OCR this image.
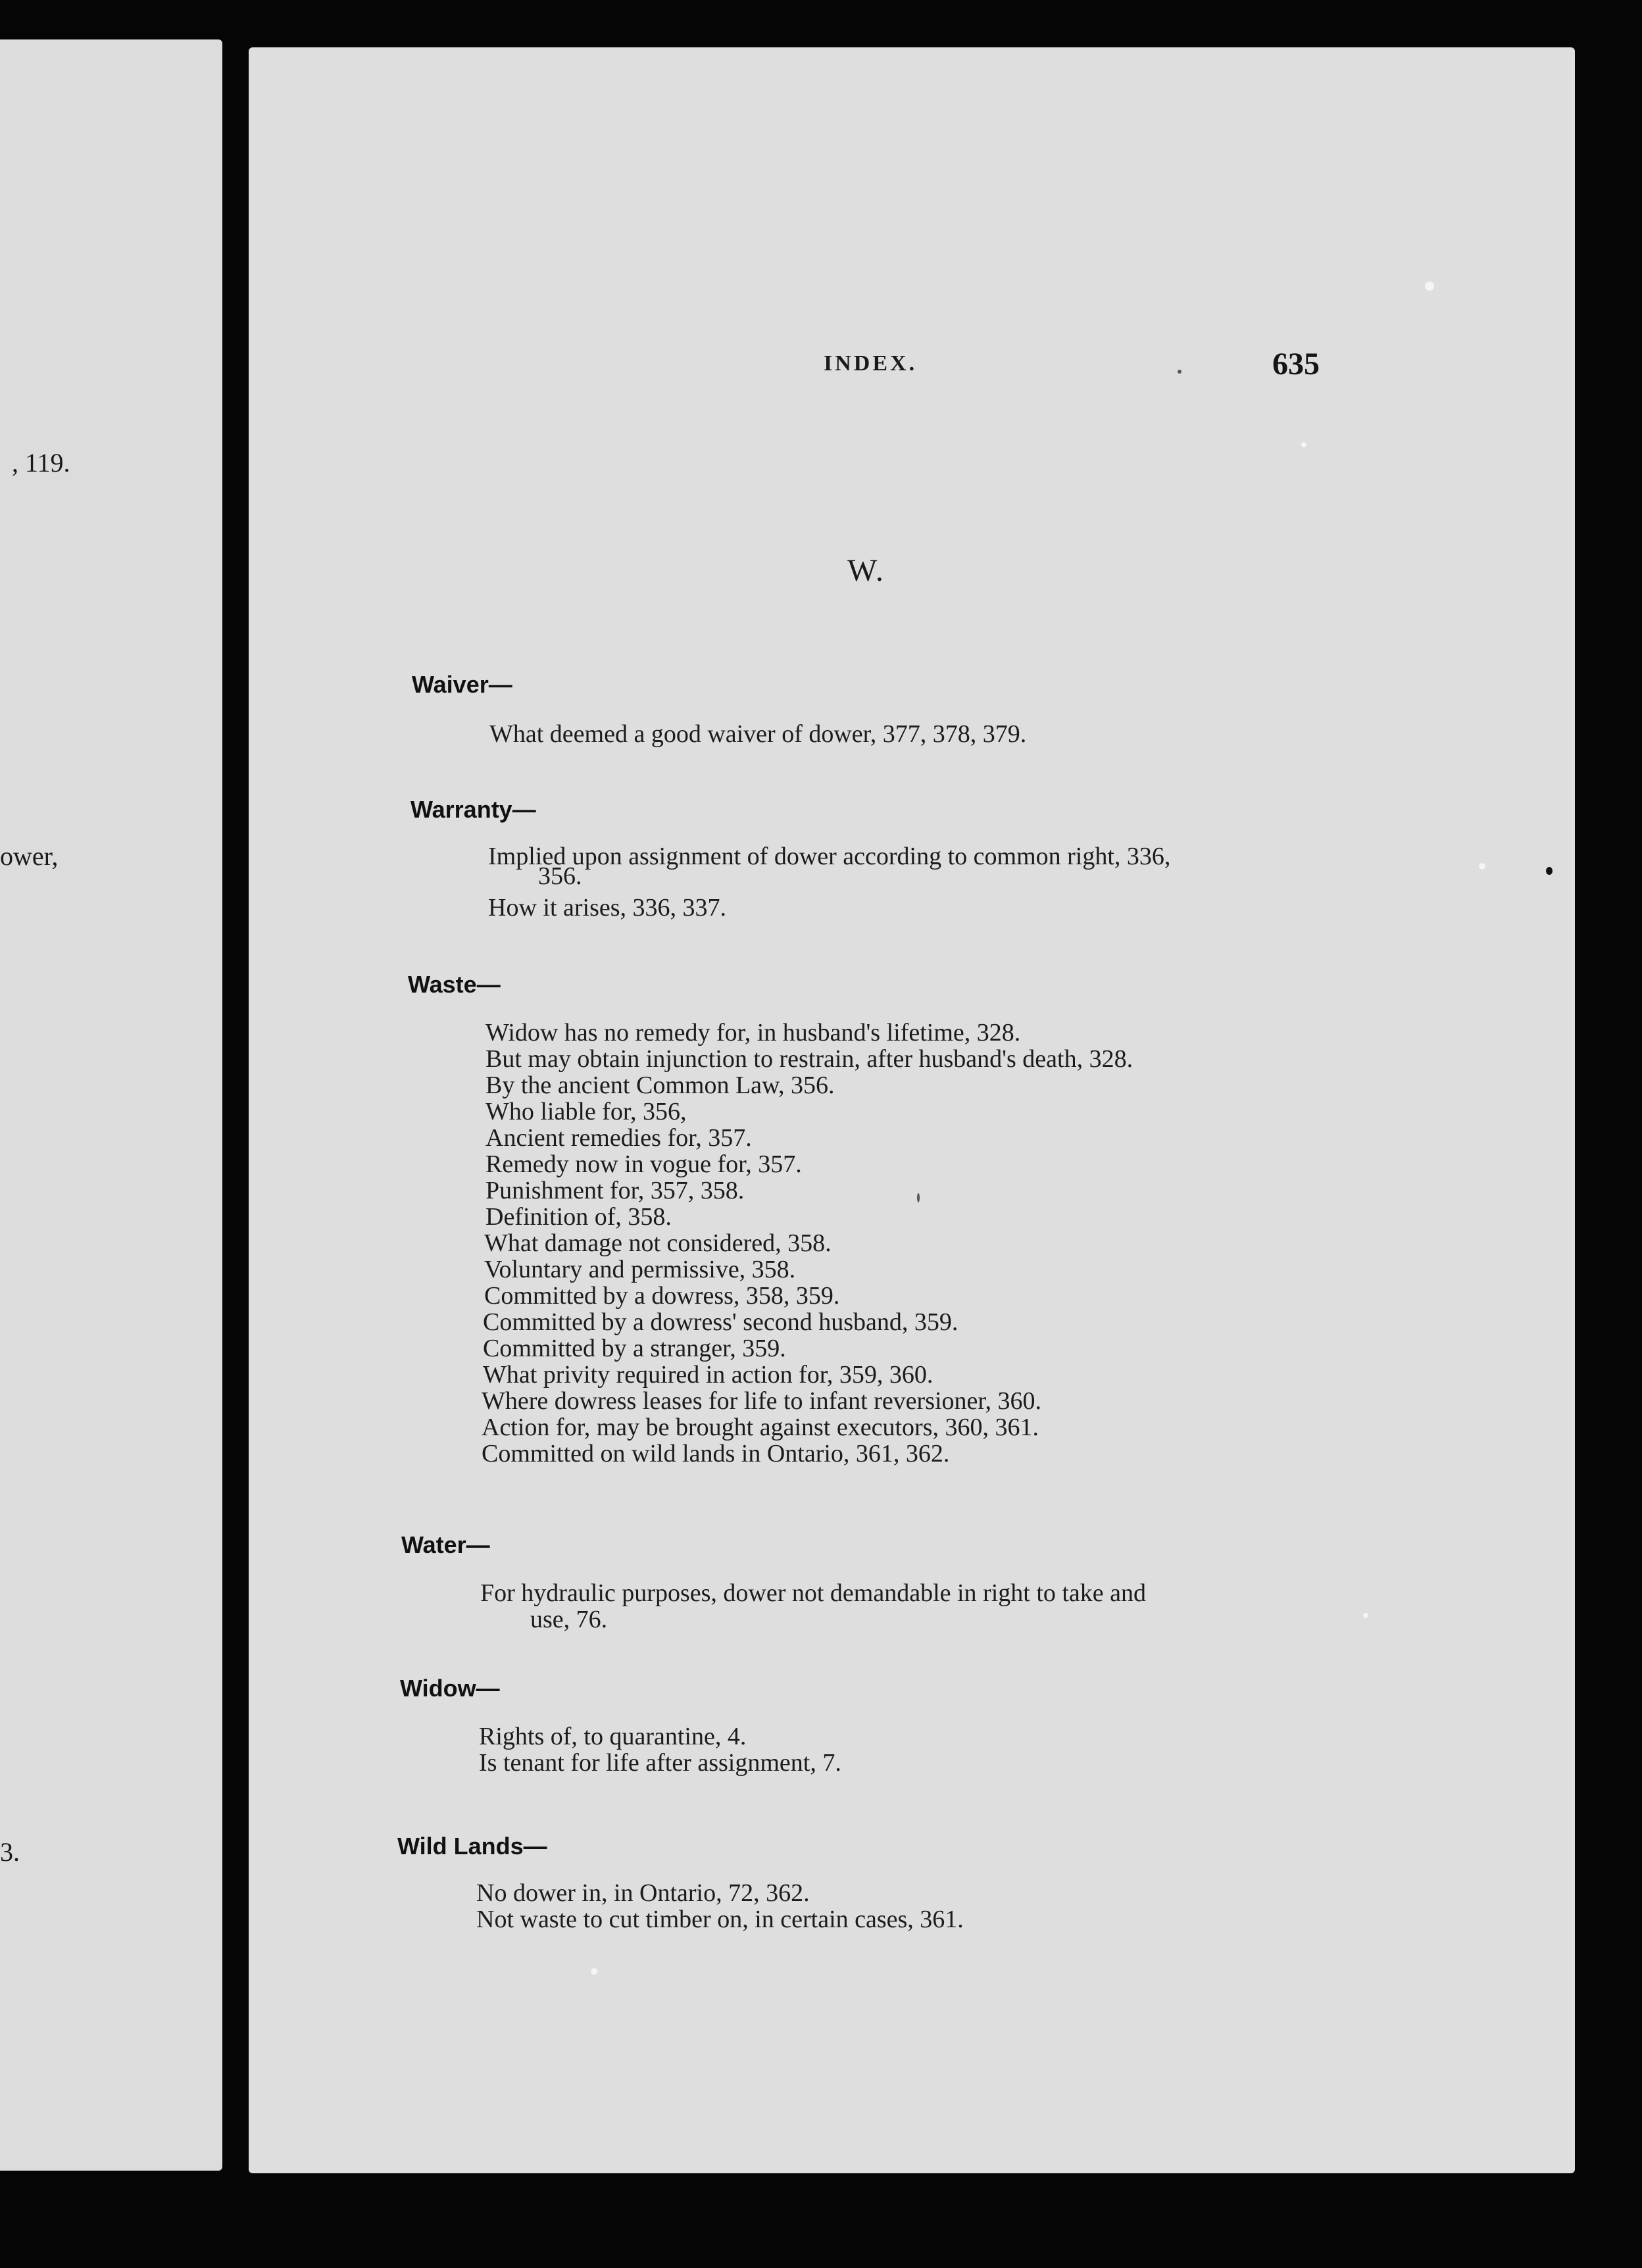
, 119.
ower,
3.
INDEX.	635
W.
Waiver—
What deemed a good waiver of dower, 377, 378, 379.
Warranty—
Implied upon assignment of dower according to common right, 336,
356.
How it arises, 336, 337.
Waste—
Widow has no remedy for, in husband's lifetime, 328.
But may obtain injunction to restrain, after husband's death, 328.
By the ancient Common Law, 356.
Who liable for, 356,
Ancient remedies for, 357.
Remedy now in vogue for, 357.
Punishment for, 357, 358.
Definition of, 358.
What damage not considered, 358.
Voluntary and permissive, 358.
Committed by a dowress, 358, 359.
Committed by a dowress' second husband, 359.
Committed by a stranger, 359.
What privity required in action for, 359, 360.
Where dowress leases for life to infant reversioner, 360.
Action for, may be brought against executors, 360, 361.
Committed on wild lands in Ontario, 361, 362.
Water—
For hydraulic purposes, dower not demandable in right to take and
use, 76.
Widow—
Rights of, to quarantine, 4.
Is tenant for life after assignment, 7.
Wild Lands—
No dower in, in Ontario, 72, 362.
Not waste to cut timber on, in certain cases, 361.
